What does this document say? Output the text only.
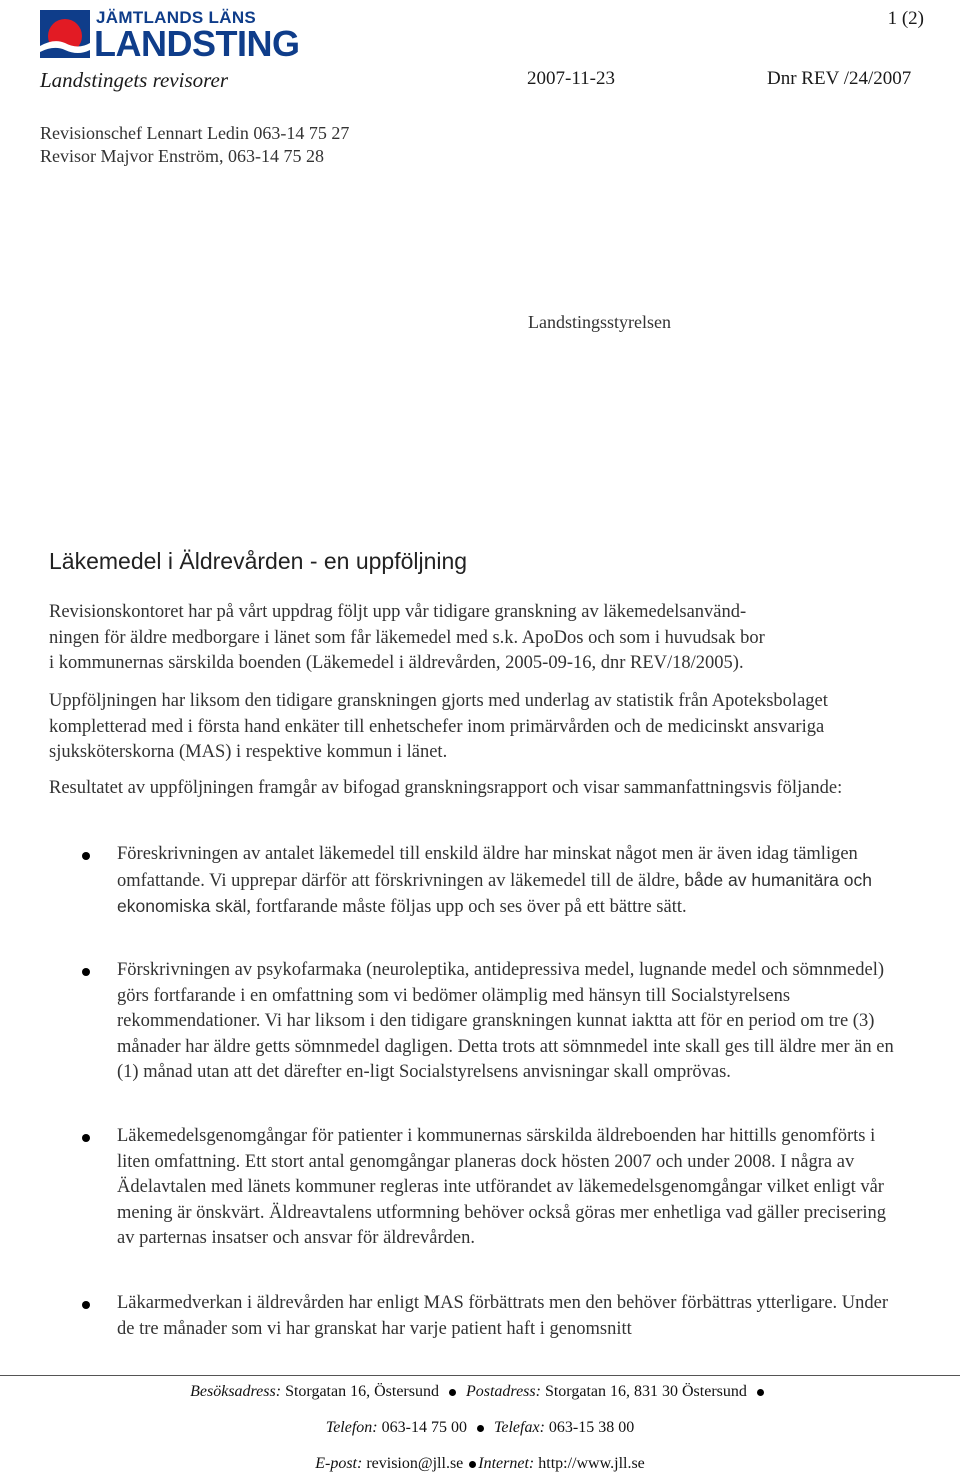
JÄMTLANDS LÄNS
LANDSTING
1 (2)
Landstingets revisorer	2007-11-23	Dnr REV /24/2007
Revisionschef Lennart Ledin 063-14 75 27
Revisor Majvor Enström, 063-14 75 28
Landstingsstyrelsen
Läkemedel i Äldrevården - en uppföljning
Revisionskontoret har på vårt uppdrag följt upp vår tidigare granskning av läkemedelsanvänd-
ningen för äldre medborgare i länet som får läkemedel med s.k. ApoDos och som i huvudsak bor
i kommunernas särskilda boenden (Läkemedel i äldrevården, 2005-09-16, dnr REV/18/2005).
Uppföljningen har liksom den tidigare granskningen gjorts med underlag av statistik från Apoteksbolaget kompletterad med i första hand enkäter till enhetschefer inom primärvården och de medicinskt ansvariga sjuksköterskorna (MAS) i respektive kommun i länet.
Resultatet av uppföljningen framgår av bifogad granskningsrapport och visar sammanfattningsvis följande:
Föreskrivningen av antalet läkemedel till enskild äldre har minskat något men är även idag tämligen omfattande. Vi upprepar därför att förskrivningen av läkemedel till de äldre, både av humanitära och ekonomiska skäl, fortfarande måste följas upp och ses över på ett bättre sätt.
Förskrivningen av psykofarmaka (neuroleptika, antidepressiva medel, lugnande medel och sömnmedel) görs fortfarande i en omfattning som vi bedömer olämplig med hänsyn till Socialstyrelsens rekommendationer. Vi har liksom i den tidigare granskningen kunnat iaktta att för en period om tre (3) månader har äldre getts sömnmedel dagligen. Detta trots att sömnmedel inte skall ges till äldre mer än en (1) månad utan att det därefter en-ligt Socialstyrelsens anvisningar skall omprövas.
Läkemedelsgenomgångar för patienter i kommunernas särskilda äldreboenden har hittills genomförts i liten omfattning. Ett stort antal genomgångar planeras dock hösten 2007 och under 2008. I några av Ädelavtalen med länets kommuner regleras inte utförandet av läkemedelsgenomgångar vilket enligt vår mening är önskvärt. Äldreavtalens utformning behöver också göras mer enhetliga vad gäller precisering av parternas insatser och ansvar för äldrevården.
Läkarmedverkan i äldrevården har enligt MAS förbättrats men den behöver förbättras ytterligare. Under de tre månader som vi har granskat har varje patient haft i genomsnitt
Besöksadress: Storgatan 16, Östersund Postadress: Storgatan 16, 831 30 Östersund
Telefon: 063-14 75 00 Telefax: 063-15 38 00
E-post: revision@jll.se Internet: http://www.jll.se
